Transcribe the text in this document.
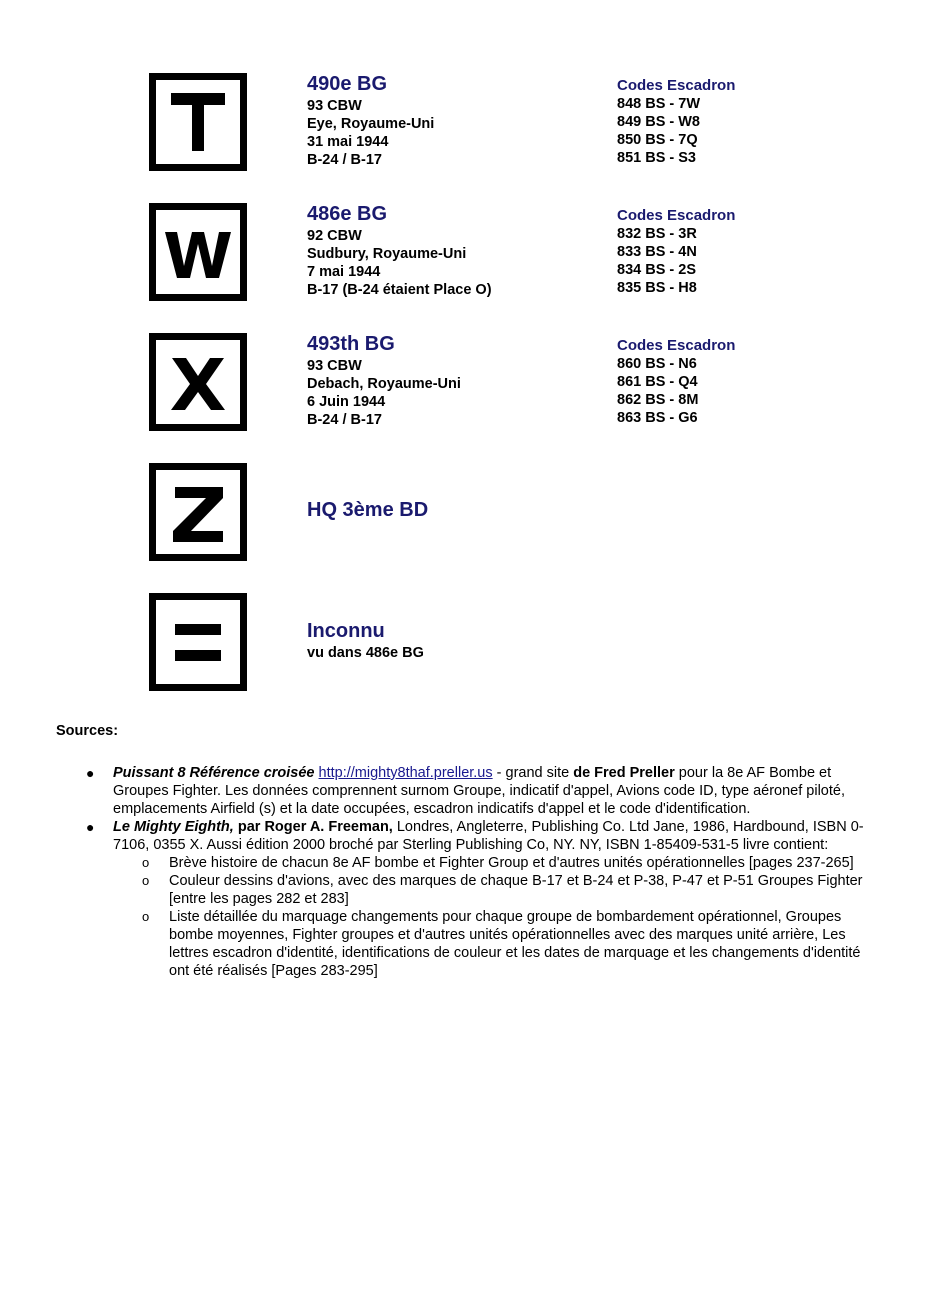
490e BG
93 CBW
Eye, Royaume-Uni
31 mai 1944
B-24 / B-17
Codes Escadron
848 BS - 7W
849 BS - W8
850 BS - 7Q
851 BS - S3
486e BG
92 CBW
Sudbury, Royaume-Uni
7 mai 1944
B-17 (B-24 étaient Place O)
Codes Escadron
832 BS - 3R
833 BS - 4N
834 BS - 2S
835 BS - H8
493th BG
93 CBW
Debach, Royaume-Uni
6 Juin 1944
B-24 / B-17
Codes Escadron
860 BS - N6
861 BS - Q4
862 BS - 8M
863 BS - G6
HQ 3ème BD
Inconnu
vu dans 486e BG
Sources:
● Puissant 8 Référence croisée http://mighty8thaf.preller.us - grand site de Fred Preller pour la 8e AF Bombe et Groupes Fighter. Les données comprennent surnom Groupe, indicatif d'appel, Avions code ID, type aéronef piloté, emplacements Airfield (s) et la date occupées, escadron indicatifs d'appel et le code d'identification.
● Le Mighty Eighth, par Roger A. Freeman, Londres, Angleterre, Publishing Co. Ltd Jane, 1986, Hardbound, ISBN 0-7106, 0355 X. Aussi édition 2000 broché par Sterling Publishing Co, NY. NY, ISBN 1-85409-531-5 livre contient:
o Brève histoire de chacun 8e AF bombe et Fighter Group et d'autres unités opérationnelles [pages 237-265]
o Couleur dessins d'avions, avec des marques de chaque B-17 et B-24 et P-38, P-47 et P-51 Groupes Fighter [entre les pages 282 et 283]
o Liste détaillée du marquage changements pour chaque groupe de bombardement opérationnel, Groupes bombe moyennes, Fighter groupes et d'autres unités opérationnelles avec des marques unité arrière, Les lettres escadron d'identité, identifications de couleur et les dates de marquage et les changements d'identité ont été réalisés [Pages 283-295]
